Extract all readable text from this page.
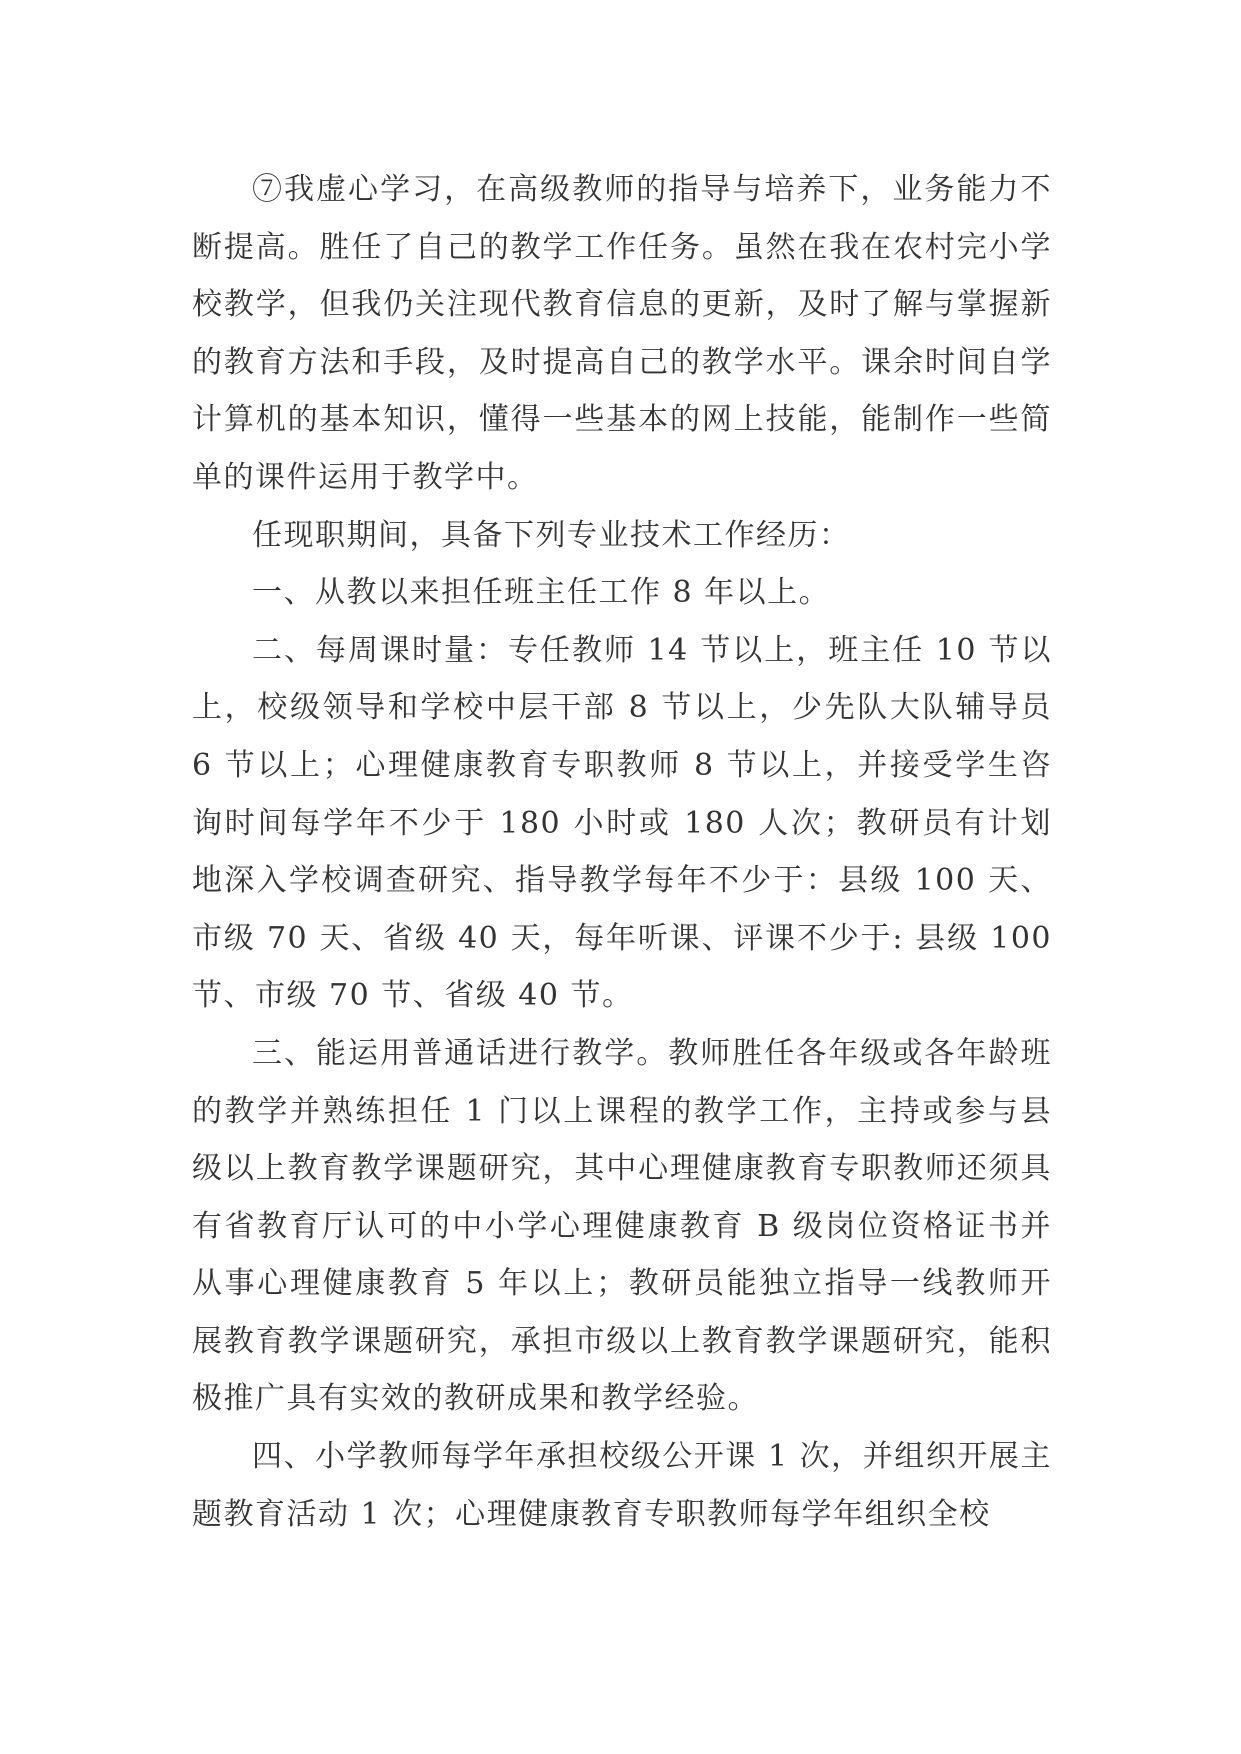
⑦我虚心学习，在高级教师的指导与培养下，业务能力不断提高。胜任了自己的教学工作任务。虽然在我在农村完小学校教学，但我仍关注现代教育信息的更新，及时了解与掌握新的教育方法和手段，及时提高自己的教学水平。课余时间自学计算机的基本知识，懂得一些基本的网上技能，能制作一些简单的课件运用于教学中。

任现职期间，具备下列专业技术工作经历：

一、从教以来担任班主任工作 8 年以上。

二、每周课时量：专任教师 14 节以上，班主任 10 节以上，校级领导和学校中层干部 8 节以上，少先队大队辅导员 6 节以上；心理健康教育专职教师 8 节以上，并接受学生咨询时间每学年不少于 180 小时或 180 人次；教研员有计划地深入学校调查研究、指导教学每年不少于：县级 100 天、市级 70 天、省级 40 天，每年听课、评课不少于: 县级 100 节、市级 70 节、省级 40 节。

三、能运用普通话进行教学。教师胜任各年级或各年龄班的教学并熟练担任 1 门以上课程的教学工作，主持或参与县级以上教育教学课题研究，其中心理健康教育专职教师还须具有省教育厅认可的中小学心理健康教育 B 级岗位资格证书并从事心理健康教育 5 年以上；教研员能独立指导一线教师开展教育教学课题研究，承担市级以上教育教学课题研究，能积极推广具有实效的教研成果和教学经验。

四、小学教师每学年承担校级公开课 1 次，并组织开展主题教育活动 1 次；心理健康教育专职教师每学年组织全校
